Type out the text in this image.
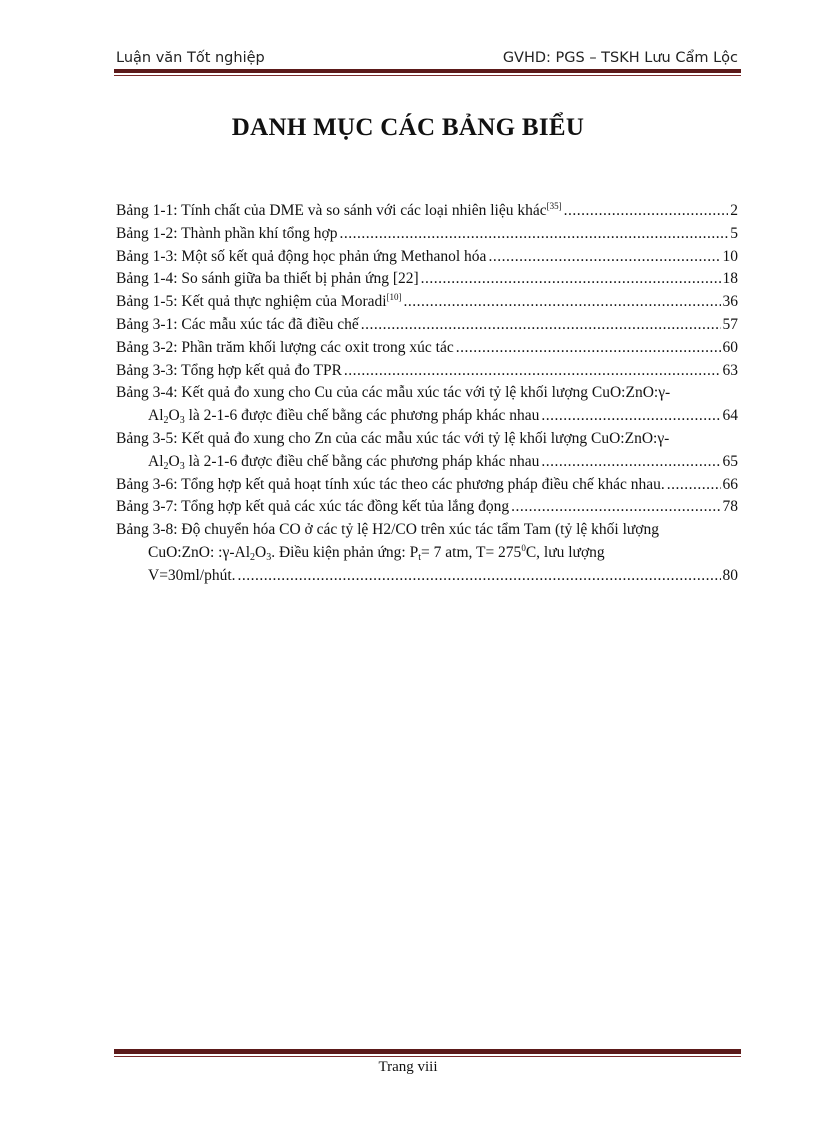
Luận văn Tốt nghiệp	GVHD: PGS – TSKH Lưu Cẩm Lộc
DANH MỤC CÁC BẢNG BIỂU
Bảng 1-1: Tính chất của DME và so sánh với các loại nhiên liệu khác[35] .....	2
Bảng 1-2: Thành phần khí tổng hợp .....	5
Bảng 1-3: Một số kết quả động học phản ứng Methanol hóa .....	10
Bảng 1-4: So sánh giữa ba thiết bị phản ứng [22] .....	18
Bảng 1-5: Kết quả thực nghiệm của Moradi[10] .....	36
Bảng 3-1: Các mẫu xúc tác đã điều chế .....	57
Bảng 3-2: Phần trăm khối lượng các oxit trong xúc tác .....	60
Bảng 3-3: Tổng hợp kết quả đo TPR .....	63
Bảng 3-4: Kết quả đo xung cho Cu của các mẫu xúc tác với tỷ lệ khối lượng CuO:ZnO:γ-
$Al_2O_3$ là 2-1-6 được điều chế bằng các phương pháp khác nhau .....	64
Bảng 3-5: Kết quả đo xung cho Zn của các mẫu xúc tác với tỷ lệ khối lượng CuO:ZnO:γ-
$Al_2O_3$ là 2-1-6 được điều chế bằng các phương pháp khác nhau .....	65
Bảng 3-6: Tổng hợp kết quả hoạt tính xúc tác theo các phương pháp điều chế khác nhau. .....	66
Bảng 3-7: Tổng hợp kết quả các xúc tác đồng kết tủa lắng đọng .....	78
Bảng 3-8: Độ chuyển hóa CO ở các tỷ lệ H2/CO trên xúc tác tẩm Tam (tỷ lệ khối lượng
CuO:ZnO: $:\gamma-Al_2O_3$. Điều kiện phản ứng: $P_t= 7$ atm, $T= 275^0C$, lưu lượng
V=30ml/phút. .....	80
Trang viii
